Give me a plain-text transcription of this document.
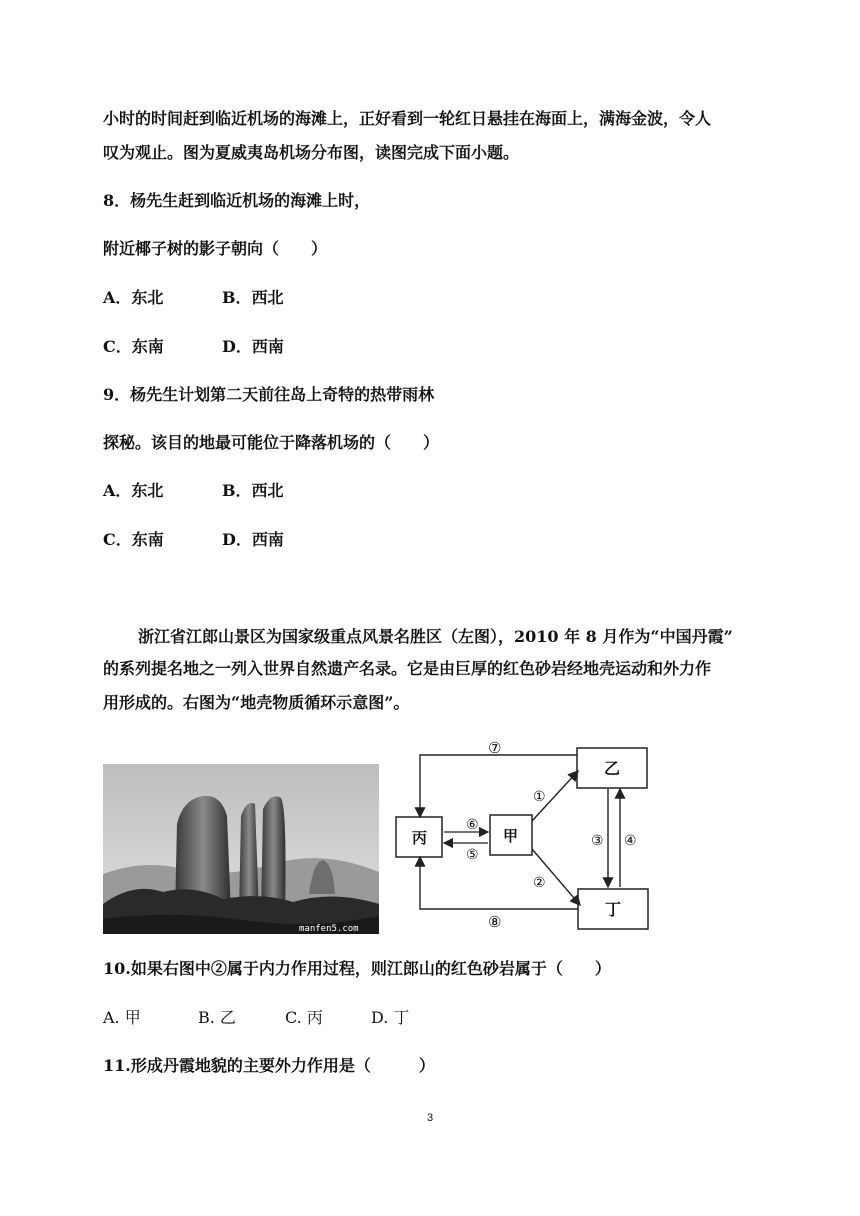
小时的时间赶到临近机场的海滩上，正好看到一轮红日悬挂在海面上，满海金波，令人
叹为观止。图为夏威夷岛机场分布图，读图完成下面小题。
8．杨先生赶到临近机场的海滩上时，
附近椰子树的影子朝向（　　）
A．东北	B．西北
C．东南	D．西南
9．杨先生计划第二天前往岛上奇特的热带雨林
探秘。该目的地最可能位于降落机场的（　　）
A．东北	B．西北
C．东南	D．西南
浙江省江郎山景区为国家级重点风景名胜区（左图），2010 年 8 月作为“中国丹霞”
的系列提名地之一列入世界自然遗产名录。它是由巨厚的红色砂岩经地壳运动和外力作
用形成的。右图为“地壳物质循环示意图”。
manfen5.com
乙
丙	甲
丁
⑦
⑧
⑥
⑤
①
②
③ ④
10.如果右图中②属于内力作用过程，则江郎山的红色砂岩属于（　　）
A. 甲	B. 乙	C. 丙	D. 丁
11.形成丹霞地貌的主要外力作用是（　　　）
3
